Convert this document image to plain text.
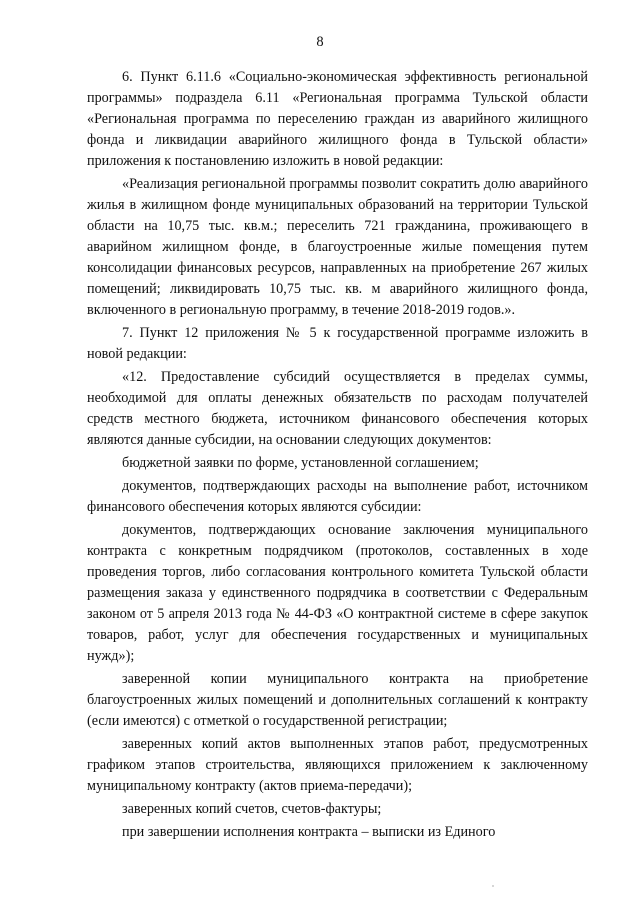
8

6. Пункт 6.11.6 «Социально-экономическая эффективность региональной программы» подраздела 6.11 «Региональная программа Тульской области «Региональная программа по переселению граждан из аварийного жилищного фонда и ликвидации аварийного жилищного фонда в Тульской области» приложения к постановлению изложить в новой редакции:

«Реализация региональной программы позволит сократить долю аварийного жилья в жилищном фонде муниципальных образований на территории Тульской области на 10,75 тыс. кв.м.; переселить 721 гражданина, проживающего в аварийном жилищном фонде, в благоустроенные жилые помещения путем консолидации финансовых ресурсов, направленных на приобретение 267 жилых помещений; ликвидировать 10,75 тыс. кв. м аварийного жилищного фонда, включенного в региональную программу, в течение 2018-2019 годов.».

7. Пункт 12 приложения № 5 к государственной программе изложить в новой редакции:

«12. Предоставление субсидий осуществляется в пределах суммы, необходимой для оплаты денежных обязательств по расходам получателей средств местного бюджета, источником финансового обеспечения которых являются данные субсидии, на основании следующих документов:

бюджетной заявки по форме, установленной соглашением;

документов, подтверждающих расходы на выполнение работ, источником финансового обеспечения которых являются субсидии:

документов, подтверждающих основание заключения муниципального контракта с конкретным подрядчиком (протоколов, составленных в ходе проведения торгов, либо согласования контрольного комитета Тульской области размещения заказа у единственного подрядчика в соответствии с Федеральным законом от 5 апреля 2013 года № 44-ФЗ «О контрактной системе в сфере закупок товаров, работ, услуг для обеспечения государственных и муниципальных нужд»);

заверенной копии муниципального контракта на приобретение благоустроенных жилых помещений и дополнительных соглашений к контракту (если имеются) с отметкой о государственной регистрации;

заверенных копий актов выполненных этапов работ, предусмотренных графиком этапов строительства, являющихся приложением к заключенному муниципальному контракту (актов приема-передачи);

заверенных копий счетов, счетов-фактуры;

при завершении исполнения контракта – выписки из Единого
